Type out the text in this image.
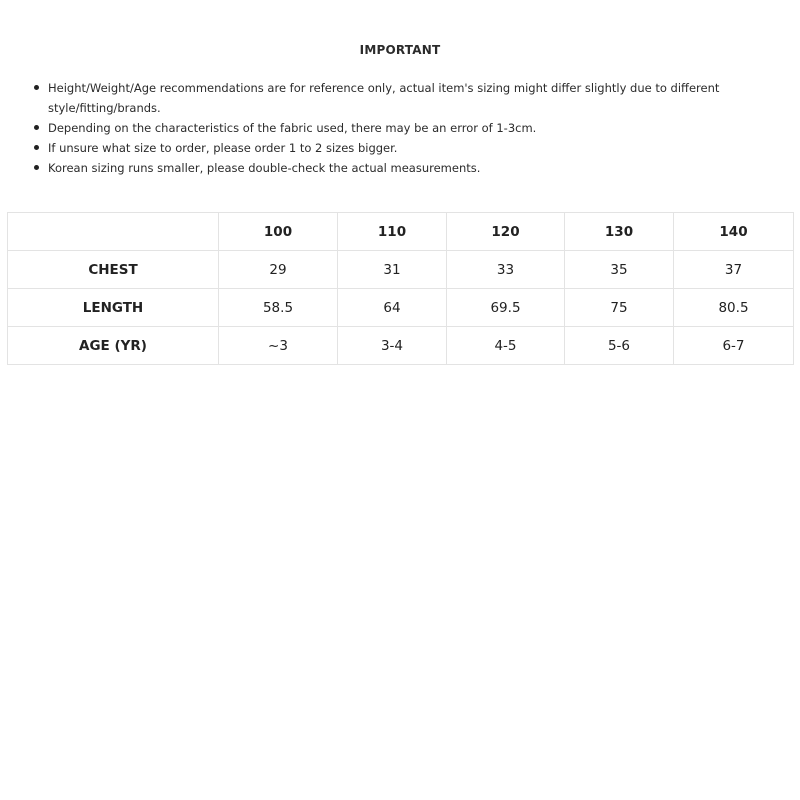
IMPORTANT
Height/Weight/Age recommendations are for reference only, actual item's sizing might differ slightly due to different style/fitting/brands.
Depending on the characteristics of the fabric used, there may be an error of 1-3cm.
If unsure what size to order, please order 1 to 2 sizes bigger.
Korean sizing runs smaller, please double-check the actual measurements.
	100	110	120	130	140
CHEST	29	31	33	35	37
LENGTH	58.5	64	69.5	75	80.5
AGE (YR)	~3	3-4	4-5	5-6	6-7
